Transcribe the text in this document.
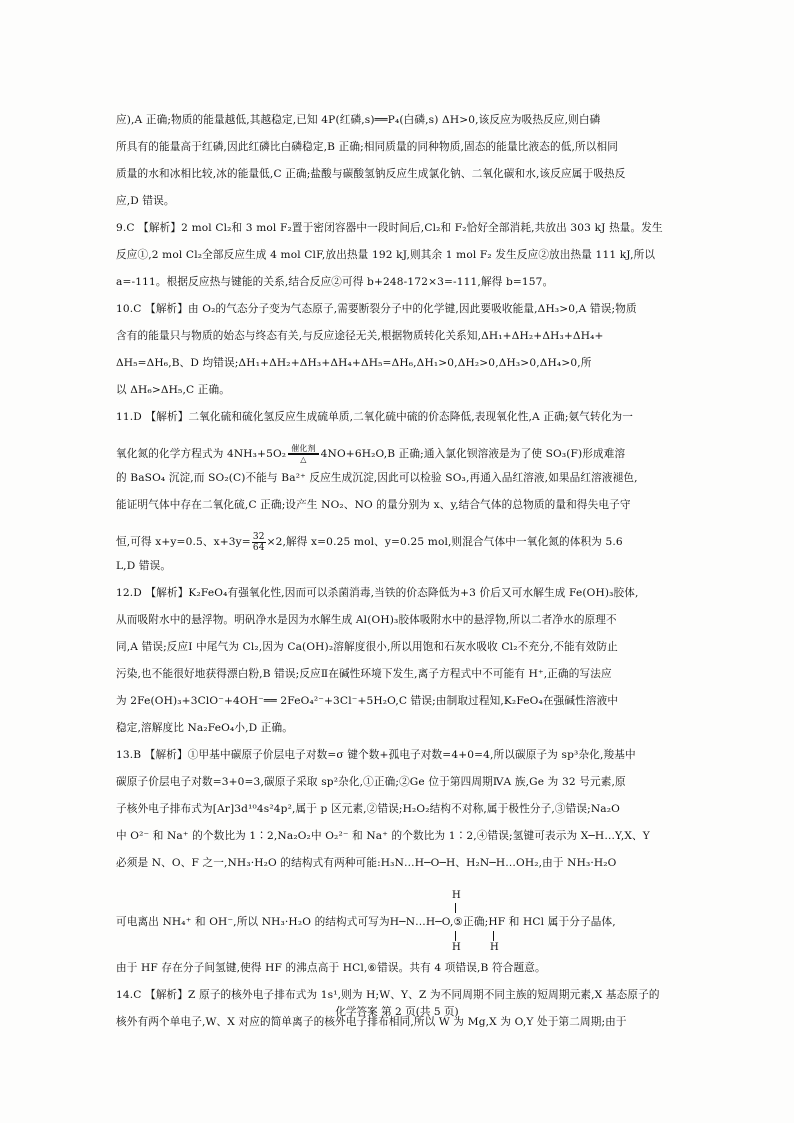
应),A 正确;物质的能量越低,其越稳定,已知 4P(红磷,s)══P₄(白磷,s) ΔH>0,该反应为吸热反应,则白磷
所具有的能量高于红磷,因此红磷比白磷稳定,B 正确;相同质量的同种物质,固态的能量比液态的低,所以相同
质量的水和冰相比较,冰的能量低,C 正确;盐酸与碳酸氢钠反应生成氯化钠、二氧化碳和水,该反应属于吸热反
应,D 错误。
9.C 【解析】2 mol Cl₂和 3 mol F₂置于密闭容器中一段时间后,Cl₂和 F₂恰好全部消耗,共放出 303 kJ 热量。发生
反应①,2 mol Cl₂全部反应生成 4 mol ClF,放出热量 192 kJ,则其余 1 mol F₂ 发生反应②放出热量 111 kJ,所以
a=-111。根据反应热与键能的关系,结合反应②可得 b+248-172×3=-111,解得 b=157。
10.C 【解析】由 O₂的气态分子变为气态原子,需要断裂分子中的化学键,因此要吸收能量,ΔH₃>0,A 错误;物质
含有的能量只与物质的始态与终态有关,与反应途径无关,根据物质转化关系知,ΔH₁+ΔH₂+ΔH₃+ΔH₄+
ΔH₅=ΔH₆,B、D 均错误;ΔH₁+ΔH₂+ΔH₃+ΔH₄+ΔH₅=ΔH₆,ΔH₁>0,ΔH₂>0,ΔH₃>0,ΔH₄>0,所
以 ΔH₆>ΔH₅,C 正确。
11.D 【解析】二氧化硫和硫化氢反应生成硫单质,二氧化硫中硫的价态降低,表现氧化性,A 正确;氨气转化为一
氧化氮的化学方程式为 4NH₃+5O₂ 催化剂
△	4NO+6H₂O,B 正确;通入氯化钡溶液是为了使 SO₃(F)形成难溶
的 BaSO₄ 沉淀,而 SO₂(C)不能与 Ba²⁺ 反应生成沉淀,因此可以检验 SO₃,再通入品红溶液,如果品红溶液褪色,
能证明气体中存在二氧化硫,C 正确;设产生 NO₂、NO 的量分别为 x、y,结合气体的总物质的量和得失电子守
恒,可得 x+y=0.5、$x+3y= \frac{32}{64} \times 2$,解得 x=0.25 mol、y=0.25 mol,则混合气体中一氧化氮的体积为 5.6
L,D 错误。
12.D 【解析】K₂FeO₄有强氧化性,因而可以杀菌消毒,当铁的价态降低为+3 价后又可水解生成 Fe(OH)₃胶体,
从而吸附水中的悬浮物。明矾净水是因为水解生成 Al(OH)₃胶体吸附水中的悬浮物,所以二者净水的原理不
同,A 错误;反应Ⅰ 中尾气为 Cl₂,因为 Ca(OH)₂溶解度很小,所以用饱和石灰水吸收 Cl₂不充分,不能有效防止
污染,也不能很好地获得漂白粉,B 错误;反应Ⅱ在碱性环境下发生,离子方程式中不可能有 H⁺,正确的写法应
为 2Fe(OH)₃+3ClO⁻+4OH⁻══ 2FeO₄²⁻+3Cl⁻+5H₂O,C 错误;由制取过程知,K₂FeO₄在强碱性溶液中
稳定,溶解度比 Na₂FeO₄小,D 正确。
13.B 【解析】①甲基中碳原子价层电子对数=σ 键个数+孤电子对数=4+0=4,所以碳原子为 sp³杂化,羧基中
碳原子价层电子对数=3+0=3,碳原子采取 sp²杂化,①正确;②Ge 位于第四周期ⅣA 族,Ge 为 32 号元素,原
子核外电子排布式为[Ar]3d¹⁰4s²4p²,属于 p 区元素,②错误;H₂O₂结构不对称,属于极性分子,③错误;Na₂O
中 O²⁻ 和 Na⁺ 的个数比为 1∶2,Na₂O₂中 O₂²⁻ 和 Na⁺ 的个数比为 1∶2,④错误;氢键可表示为 X─H…Y,X、Y
必须是 N、O、F 之一,NH₃·H₂O 的结构式有两种可能:H₃N…H─O─H、H₂N─H…OH₂,由于 NH₃·H₂O
可电离出 NH₄⁺ 和 OH⁻,所以 NH₃·H₂O 的结构式可写为H─N…H─O,⑤正确;HF 和 HCl 属于分子晶体,
H
H	H
由于 HF 存在分子间氢键,使得 HF 的沸点高于 HCl,⑥错误。共有 4 项错误,B 符合题意。
14.C 【解析】Z 原子的核外电子排布式为 1s¹,则为 H;W、Y、Z 为不同周期不同主族的短周期元素,X 基态原子的
核外有两个单电子,W、X 对应的简单离子的核外电子排布相同,所以 W 为 Mg,X 为 O,Y 处于第二周期;由于
化学答案 第 2 页(共 5 页)
